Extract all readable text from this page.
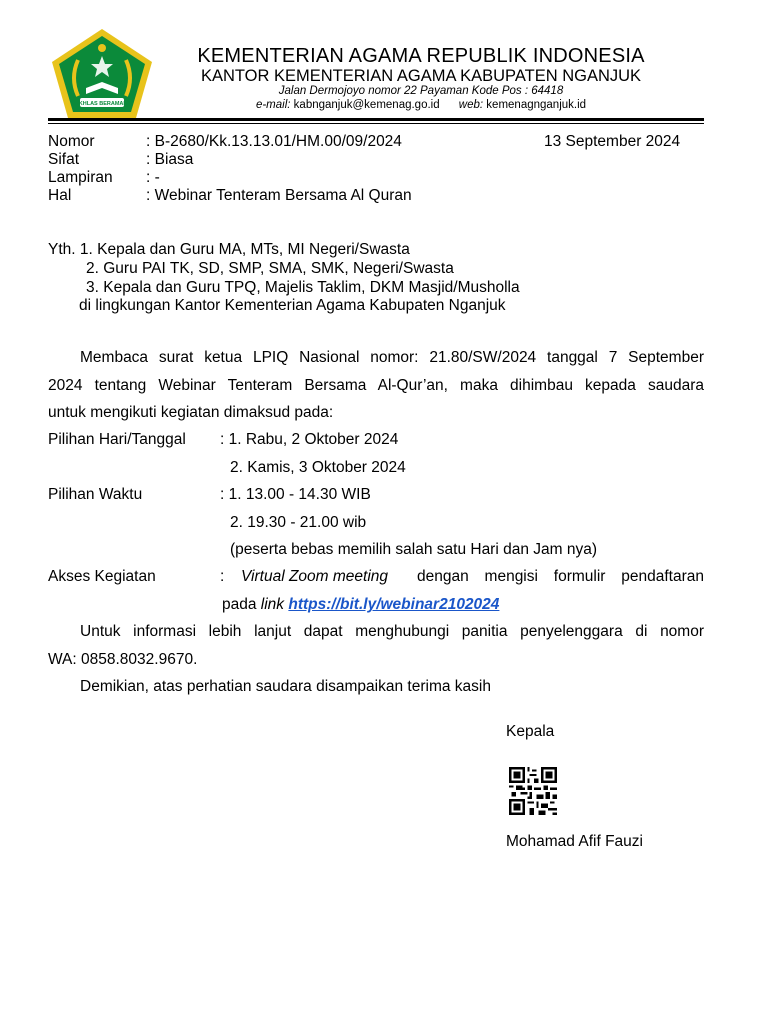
IKHLAS BERAMAL
KEMENTERIAN AGAMA REPUBLIK INDONESIA
KANTOR KEMENTERIAN AGAMA KABUPATEN NGANJUK
Jalan Dermojoyo nomor 22 Payaman Kode Pos : 64418
e-mail: kabnganjuk@kemenag.go.id web: kemenagnganjuk.id
Nomor	: B-2680/Kk.13.13.01/HM.00/09/2024	13 September 2024
Sifat	: Biasa
Lampiran : -
Hal	: Webinar Tenteram Bersama Al Quran
Yth. 1. Kepala dan Guru MA, MTs, MI Negeri/Swasta
2. Guru PAI TK, SD, SMP, SMA, SMK, Negeri/Swasta
3. Kepala dan Guru TPQ, Majelis Taklim, DKM Masjid/Musholla
di lingkungan Kantor Kementerian Agama Kabupaten Nganjuk
Membaca surat ketua LPIQ Nasional nomor: 21.80/SW/2024 tanggal 7 September
2024 tentang Webinar Tenteram Bersama Al-Qur’an, maka dihimbau kepada saudara
untuk mengikuti kegiatan dimaksud pada:
Pilihan Hari/Tanggal : 1. Rabu, 2 Oktober 2024
2. Kamis, 3 Oktober 2024
Pilihan Waktu	: 1. 13.00 - 14.30 WIB
2. 19.30 - 21.00 wib
(peserta bebas memilih salah satu Hari dan Jam nya)
Akses Kegiatan	: Virtual Zoom meeting dengan mengisi formulir pendaftaran
pada link https://bit.ly/webinar2102024
Untuk informasi lebih lanjut dapat menghubungi panitia penyelenggara di nomor
WA: 0858.8032.9670.
Demikian, atas perhatian saudara disampaikan terima kasih
Kepala
Mohamad Afif Fauzi
